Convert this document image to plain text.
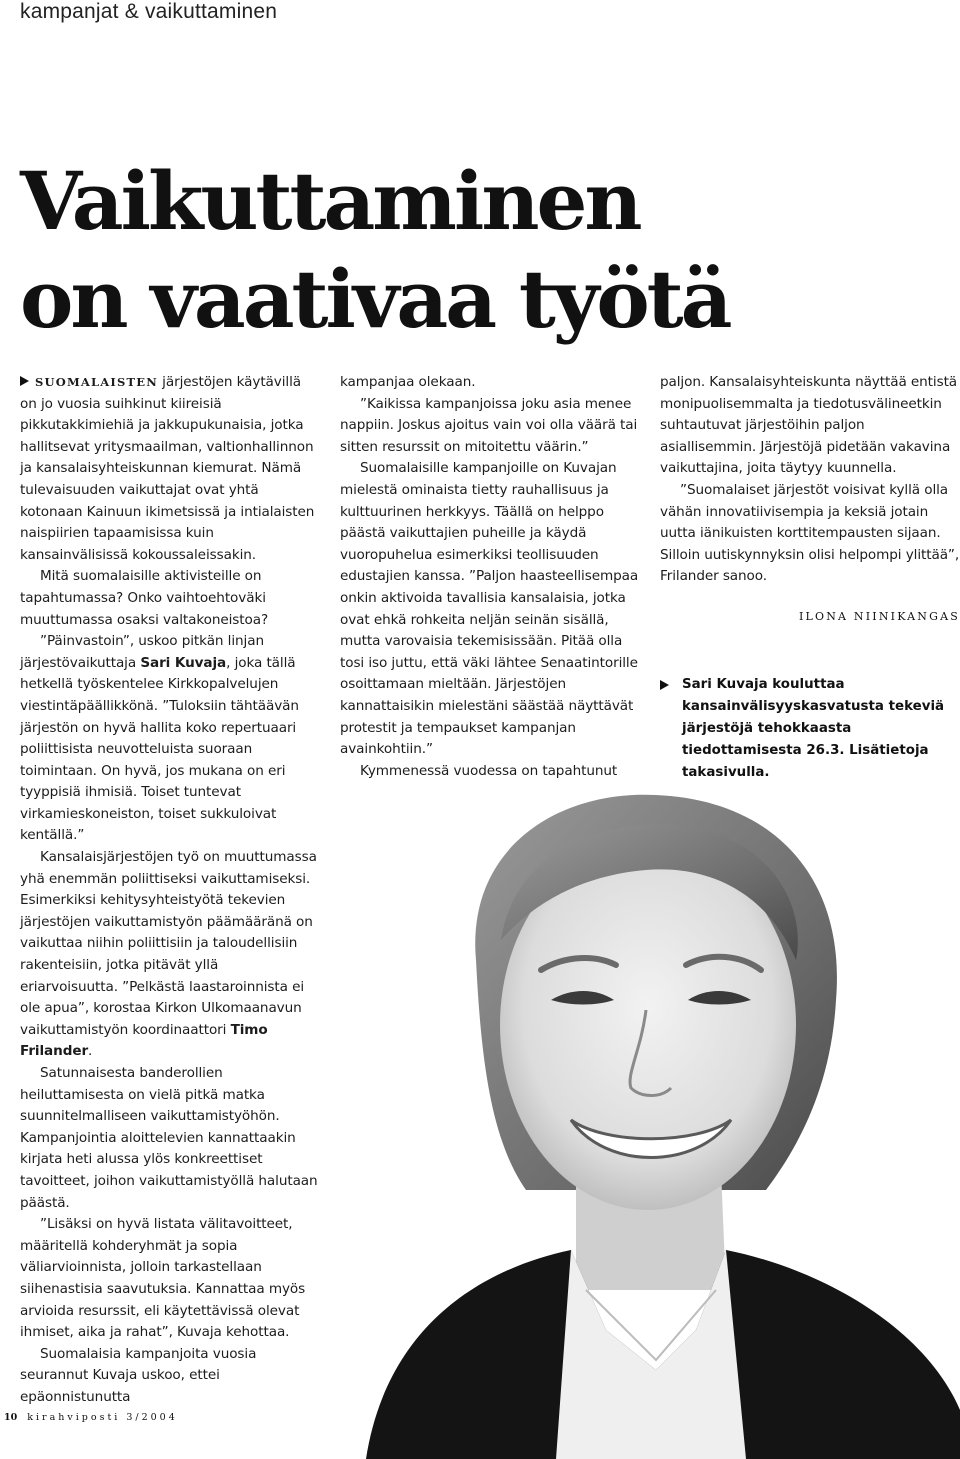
kampanjat & vaikuttaminen
Vaikuttaminen
on vaativaa työtä

SUOMALAISTEN järjestöjen käytävillä on jo vuosia suihkinut kiireisiä pikkutakkimiehiä ja jakkupukunaisia, jotka hallitsevat yritysmaailman, valtionhallinnon ja kansalaisyhteiskunnan kiemurat. Nämä tulevaisuuden vaikuttajat ovat yhtä kotonaan Kainuun ikimetsissä ja intialaisten naispiirien tapaamisissa kuin kansainvälisissä kokoussaleissakin.

Mitä suomalaisille aktivisteille on tapahtumassa? Onko vaihtoehtoväki muuttumassa osaksi valtakoneistoa?

”Päinvastoin”, uskoo pitkän linjan järjestövaikuttaja Sari Kuvaja, joka tällä hetkellä työskentelee Kirkkopalvelujen viestintäpäällikkönä. ”Tuloksiin tähtäävän järjestön on hyvä hallita koko repertuaari poliittisista neuvotteluista suoraan toimintaan. On hyvä, jos mukana on eri tyyppisiä ihmisiä. Toiset tuntevat virkamieskoneiston, toiset sukkuloivat kentällä.”

Kansalaisjärjestöjen työ on muuttumassa yhä enemmän poliittiseksi vaikuttamiseksi. Esimerkiksi kehitysyhteistyötä tekevien järjestöjen vaikuttamistyön päämääränä on vaikuttaa niihin poliittisiin ja taloudellisiin rakenteisiin, jotka pitävät yllä eriarvoisuutta. ”Pelkästä laastaroinnista ei ole apua”, korostaa Kirkon Ulkomaanavun vaikuttamistyön koordinaattori Timo Frilander.

Satunnaisesta banderollien heiluttamisesta on vielä pitkä matka suunnitelmalliseen vaikuttamistyöhön. Kampanjointia aloittelevien kannattaakin kirjata heti alussa ylös konkreettiset tavoitteet, joihon vaikuttamistyöllä halutaan päästä.

”Lisäksi on hyvä listata välitavoitteet, määritellä kohderyhmät ja sopia väliarvioinnista, jolloin tarkastellaan siihenastisia saavutuksia. Kannattaa myös arvioida resurssit, eli käytettävissä olevat ihmiset, aika ja rahat”, Kuvaja kehottaa.

Suomalaisia kampanjoita vuosia seurannut Kuvaja uskoo, ettei epäonnistunutta

kampanjaa olekaan.

”Kaikissa kampanjoissa joku asia menee nappiin. Joskus ajoitus vain voi olla väärä tai sitten resurssit on mitoitettu väärin.”

Suomalaisille kampanjoille on Kuvajan mielestä ominaista tietty rauhallisuus ja kulttuurinen herkkyys. Täällä on helppo päästä vaikuttajien puheille ja käydä vuoropuhelua esimerkiksi teollisuuden edustajien kanssa. ”Paljon haasteellisempaa onkin aktivoida tavallisia kansalaisia, jotka ovat ehkä rohkeita neljän seinän sisällä, mutta varovaisia tekemisissään. Pitää olla tosi iso juttu, että väki lähtee Senaatintorille osoittamaan mieltään. Järjestöjen kannattaisikin mielestäni säästää näyttävät protestit ja tempaukset kampanjan avainkohtiin.”

Kymmenessä vuodessa on tapahtunut

paljon. Kansalaisyhteiskunta näyttää entistä monipuolisemmalta ja tiedotusvälineetkin suhtautuvat järjestöihin paljon asiallisemmin. Järjestöjä pidetään vakavina vaikuttajina, joita täytyy kuunnella.

”Suomalaiset järjestöt voisivat kyllä olla vähän innovatiivisempia ja keksiä jotain uutta iänikuisten korttitempausten sijaan. Silloin uutiskynnyksin olisi helpompi ylittää”, Frilander sanoo.

ILONA NIINIKANGAS
Sari Kuvaja kouluttaa kansainvälisyyskasvatusta tekeviä järjestöjä tehokkaasta tiedottamisesta 26.3. Lisätietoja takasivulla.
10 kirahviposti 3/2004
